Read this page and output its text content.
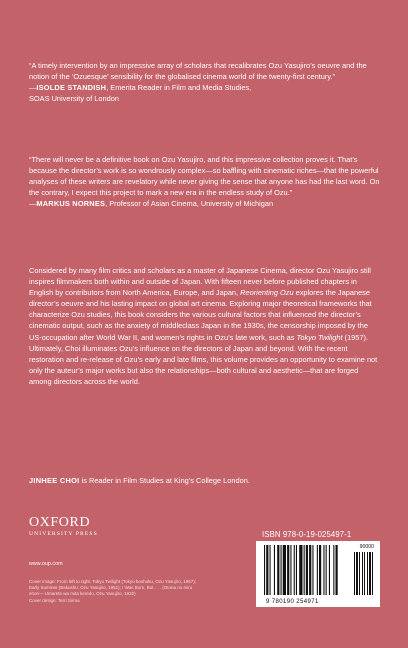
“A timely intervention by an impressive array of scholars that recalibrates Ozu Yasujiro’s oeuvre and the notion of the ‘Ozuesque’ sensibility for the globalised cinema world of the twenty-first century.”

—ISOLDE STANDISH, Emerita Reader in Film and Media Studies,
SOAS University of London

“There will never be a definitive book on Ozu Yasujiro, and this impressive collection proves it. That’s because the director’s work is so wondrously complex—so baffling with cinematic riches—that the powerful analyses of these writers are revelatory while never giving the sense that anyone has had the last word. On the contrary, I expect this project to mark a new era in the endless study of Ozu.”

—MARKUS NORNES, Professor of Asian Cinema, University of Michigan

Considered by many film critics and scholars as a master of Japanese Cinema, director Ozu Yasujiro still inspires filmmakers both within and outside of Japan. With fifteen never before published chapters in English by contributors from North America, Europe, and Japan, Reorienting Ozu explores the Japanese director’s oeuvre and his lasting impact on global art cinema. Exploring major theoretical frameworks that characterize Ozu studies, this book considers the various cultural factors that influenced the director’s cinematic output, such as the anxiety of middleclass Japan in the 1930s, the censorship imposed by the US-occupation after World War II, and women’s rights in Ozu’s late work, such as Tokyo Twilight (1957). Ultimately, Choi illuminates Ozu’s influence on the directors of Japan and beyond. With the recent restoration and re-release of Ozu’s early and late films, this volume provides an opportunity to examine not only the auteur’s major works but also the relationships—both cultural and aesthetic—that are forged among directors across the world.

JINHEE CHOI is Reader in Film Studies at King’s College London.

OXFORD
UNIVERSITY PRESS
www.oup.com

Cover image: From left to right: Tokyo Twilight (Tokyo boshoku, Ozu Yasujiro, 1957); Early Summer (Bakushu, Ozu Yasujiro, 1951); I Was Born, But . . . (Otona no miru ehon— Umarete wa mita keredo, Ozu Yasujiro, 1932)

Cover design: Terri Sirma

ISBN 978-0-19-025497-1
90000
9 780190 254971
